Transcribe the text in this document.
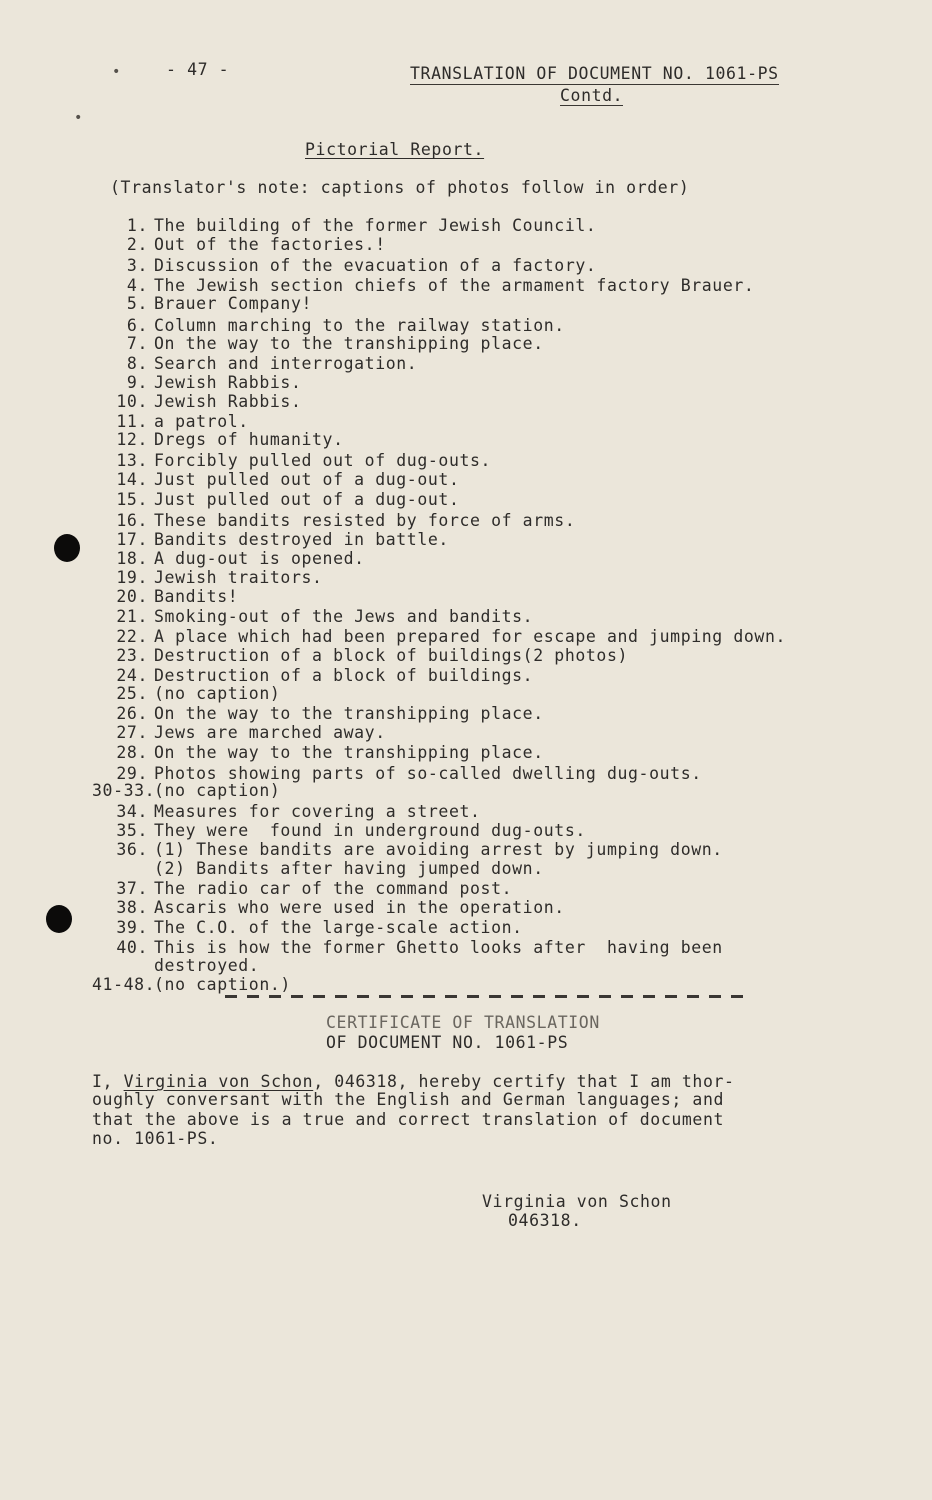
•
•
- 47 -	TRANSLATION OF DOCUMENT NO. 1061-PS
Contd.
Pictorial Report.
(Translator's note: captions of photos follow in order)
1. The building of the former Jewish Council.
2. Out of the factories.!
3. Discussion of the evacuation of a factory.
4. The Jewish section chiefs of the armament factory Brauer.
5. Brauer Company!
6. Column marching to the railway station.
7. On the way to the transhipping place.
8. Search and interrogation.
9. Jewish Rabbis.
10. Jewish Rabbis.
11. a patrol.
12. Dregs of humanity.
13. Forcibly pulled out of dug-outs.
14. Just pulled out of a dug-out.
15. Just pulled out of a dug-out.
16. These bandits resisted by force of arms.
17. Bandits destroyed in battle.
18. A dug-out is opened.
19. Jewish traitors.
20. Bandits!
21. Smoking-out of the Jews and bandits.
22. A place which had been prepared for escape and jumping down.
23. Destruction of a block of buildings(2 photos)
24. Destruction of a block of buildings.
25. (no caption)
26. On the way to the transhipping place.
27. Jews are marched away.
28. On the way to the transhipping place.
29. Photos showing parts of so-called dwelling dug-outs.
30-33.(no caption)
34. Measures for covering a street.
35. They were  found in underground dug-outs.
36. (1) These bandits are avoiding arrest by jumping down.
(2) Bandits after having jumped down.
37. The radio car of the command post.
38. Ascaris who were used in the operation.
39. The C.O. of the large-scale action.
40. This is how the former Ghetto looks after  having been
destroyed.
41-48.(no caption.)
CERTIFICATE OF TRANSLATION
OF DOCUMENT NO. 1061-PS
I, Virginia von Schon, 046318, hereby certify that I am thor-
oughly conversant with the English and German languages; and
that the above is a true and correct translation of document
no. 1061-PS.
Virginia von Schon
046318.
